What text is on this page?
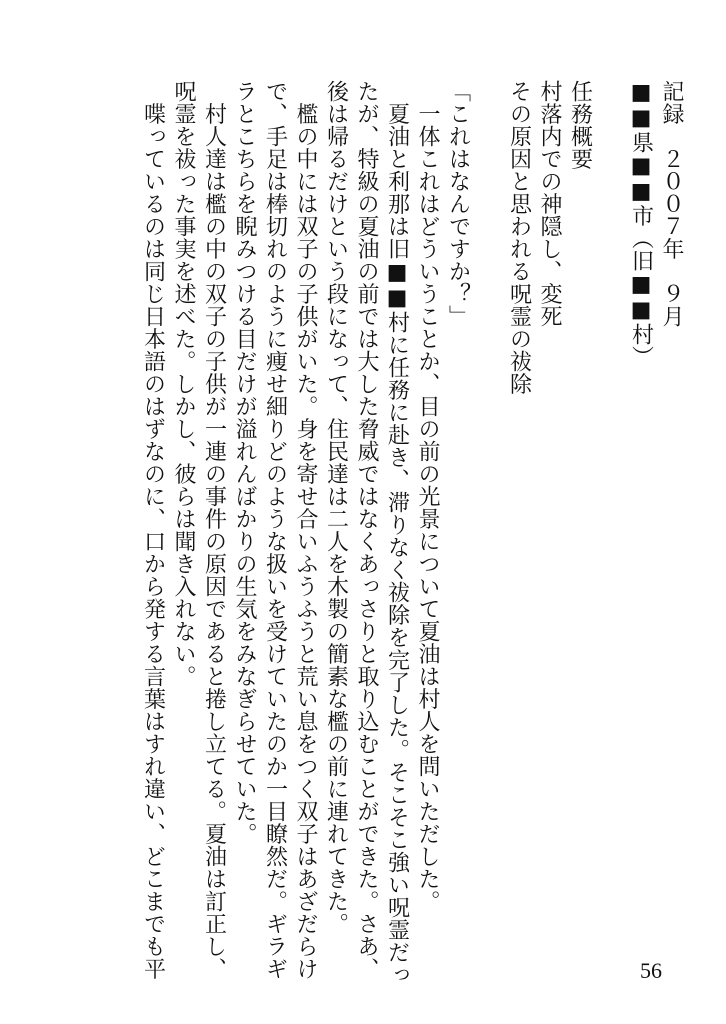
記録　２００７年　９月
■■県■■市（旧■■村）
任務概要
村落内での神隠し、変死
その原因と思われる呪霊の祓除
「これはなんですか？」
　一体これはどういうことか、目の前の光景について夏油は村人を問いただした。
　夏油と利那は旧■■村に任務に赴き、滞りなく祓除を完了した。そこそこ強い呪霊だっ
たが、特級の夏油の前では大した脅威ではなくあっさりと取り込むことができた。さあ、
後は帰るだけという段になって、住民達は二人を木製の簡素な檻の前に連れてきた。
　檻の中には双子の子供がいた。身を寄せ合いふうふうと荒い息をつく双子はあざだらけ
で、手足は棒切れのように痩せ細りどのような扱いを受けていたのか一目瞭然だ。ギラギ
ラとこちらを睨みつける目だけが溢れんばかりの生気をみなぎらせていた。
　村人達は檻の中の双子の子供が一連の事件の原因であると捲し立てる。夏油は訂正し、
呪霊を祓った事実を述べた。しかし、彼らは聞き入れない。
　喋っているのは同じ日本語のはずなのに、口から発する言葉はすれ違い、どこまでも平	56
